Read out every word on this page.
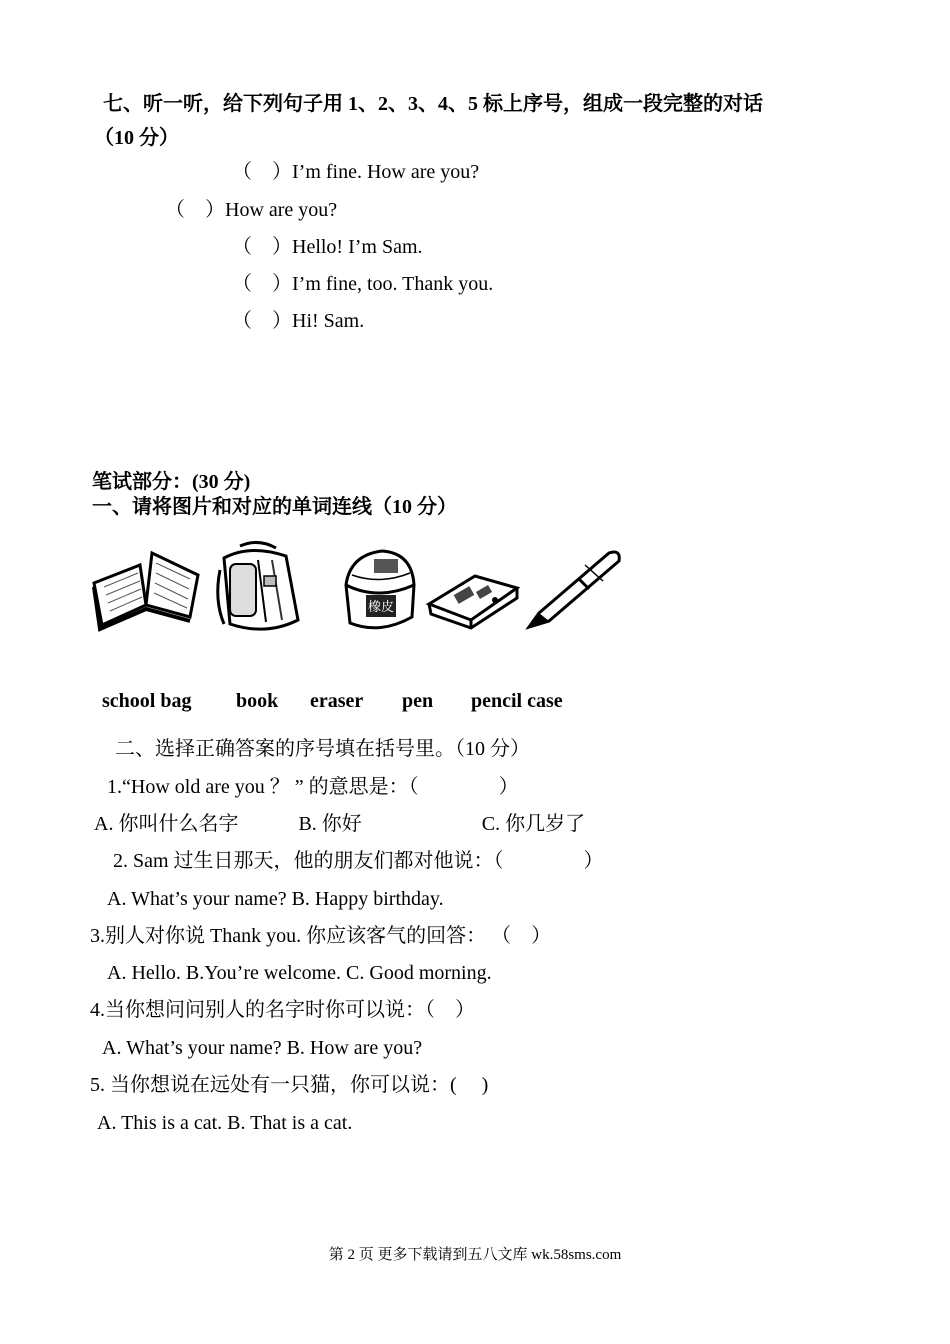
七、听一听，给下列句子用 1、2、3、4、5 标上序号，组成一段完整的对话
（10 分）
（　）I’m fine. How are you?
（　）How are you?
（　）Hello! I’m Sam.
（　）I’m fine, too. Thank you.
（　）Hi! Sam.
笔试部分：(30 分)
一、请将图片和对应的单词连线（10 分）
橡皮
school bag book eraser pen pencil case
二、选择正确答案的序号填在括号里。（10 分）
1.“How old are you ？ ” 的意思是：（　　　　）
A. 你叫什么名字　　　B. 你好　　　　　　C. 你几岁了
2. Sam 过生日那天，他的朋友们都对他说：（　　　　）
A. What’s your name? B. Happy birthday.
3.别人对你说 Thank you. 你应该客气的回答： （　）
A. Hello. B.You’re welcome. C. Good morning.
4.当你想问问别人的名字时你可以说：（　）
A. What’s your name? B. How are you?
5. 当你想说在远处有一只猫，你可以说：(　 )
A. This is a cat. B. That is a cat.
第 2 页 更多下载请到五八文库 wk.58sms.com
